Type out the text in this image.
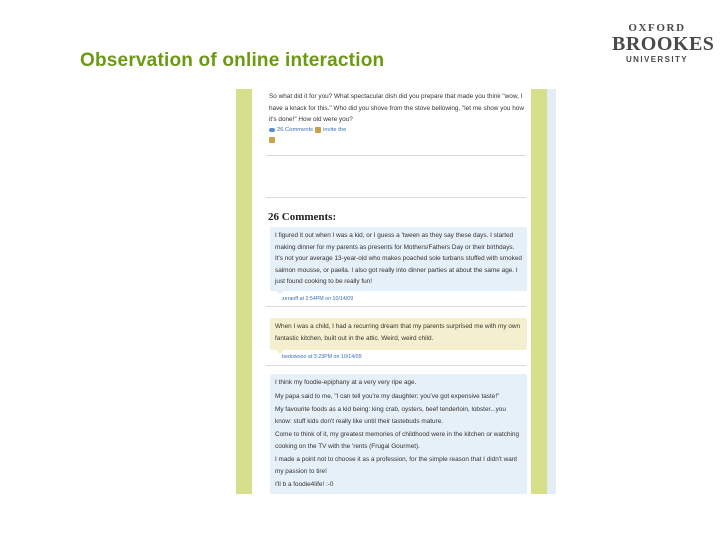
Observation of online interaction
OXFORD
BROOKES
UNIVERSITY
So what did it for you? What spectacular dish did you prepare that made you think "wow, I have a knack for this." Who did you shove from the stove bellowing, "let me show you how it's done!" How old were you?
26 Comments invite the
26 Comments:

I figured it out when I was a kid, or I guess a 'tween as they say these days. I started making dinner for my parents as presents for Mothers/Fathers Day or their birthdays. It's not your average 13-year-old who makes poached sole turbans stuffed with smoked salmon mousse, or paella. I also got really into dinner parties at about the same age. I just found cooking to be really fun!

zeraoff at 2:54PM on 10/14/09

When I was a child, I had a recurring dream that my parents surprised me with my own fantastic kitchen, built out in the attic. Weird, weird child.

bedowooo at 3:23PM on 10/14/09

I think my foodie-epiphany at a very very ripe age.

My papa said to me, "I can tell you're my daughter; you've got expensive taste!"

My favourite foods as a kid being: king crab, oysters, beef tenderloin, lobster...you know: stuff kids don't really like until their tastebuds mature.

Come to think of it, my greatest memories of childhood were in the kitchen or watching cooking on the TV with the 'rents (Frugal Gourmet).

I made a point not to choose it as a profession, for the simple reason that I didn't want my passion to tire!

I'll b a foodie4life! :-0
